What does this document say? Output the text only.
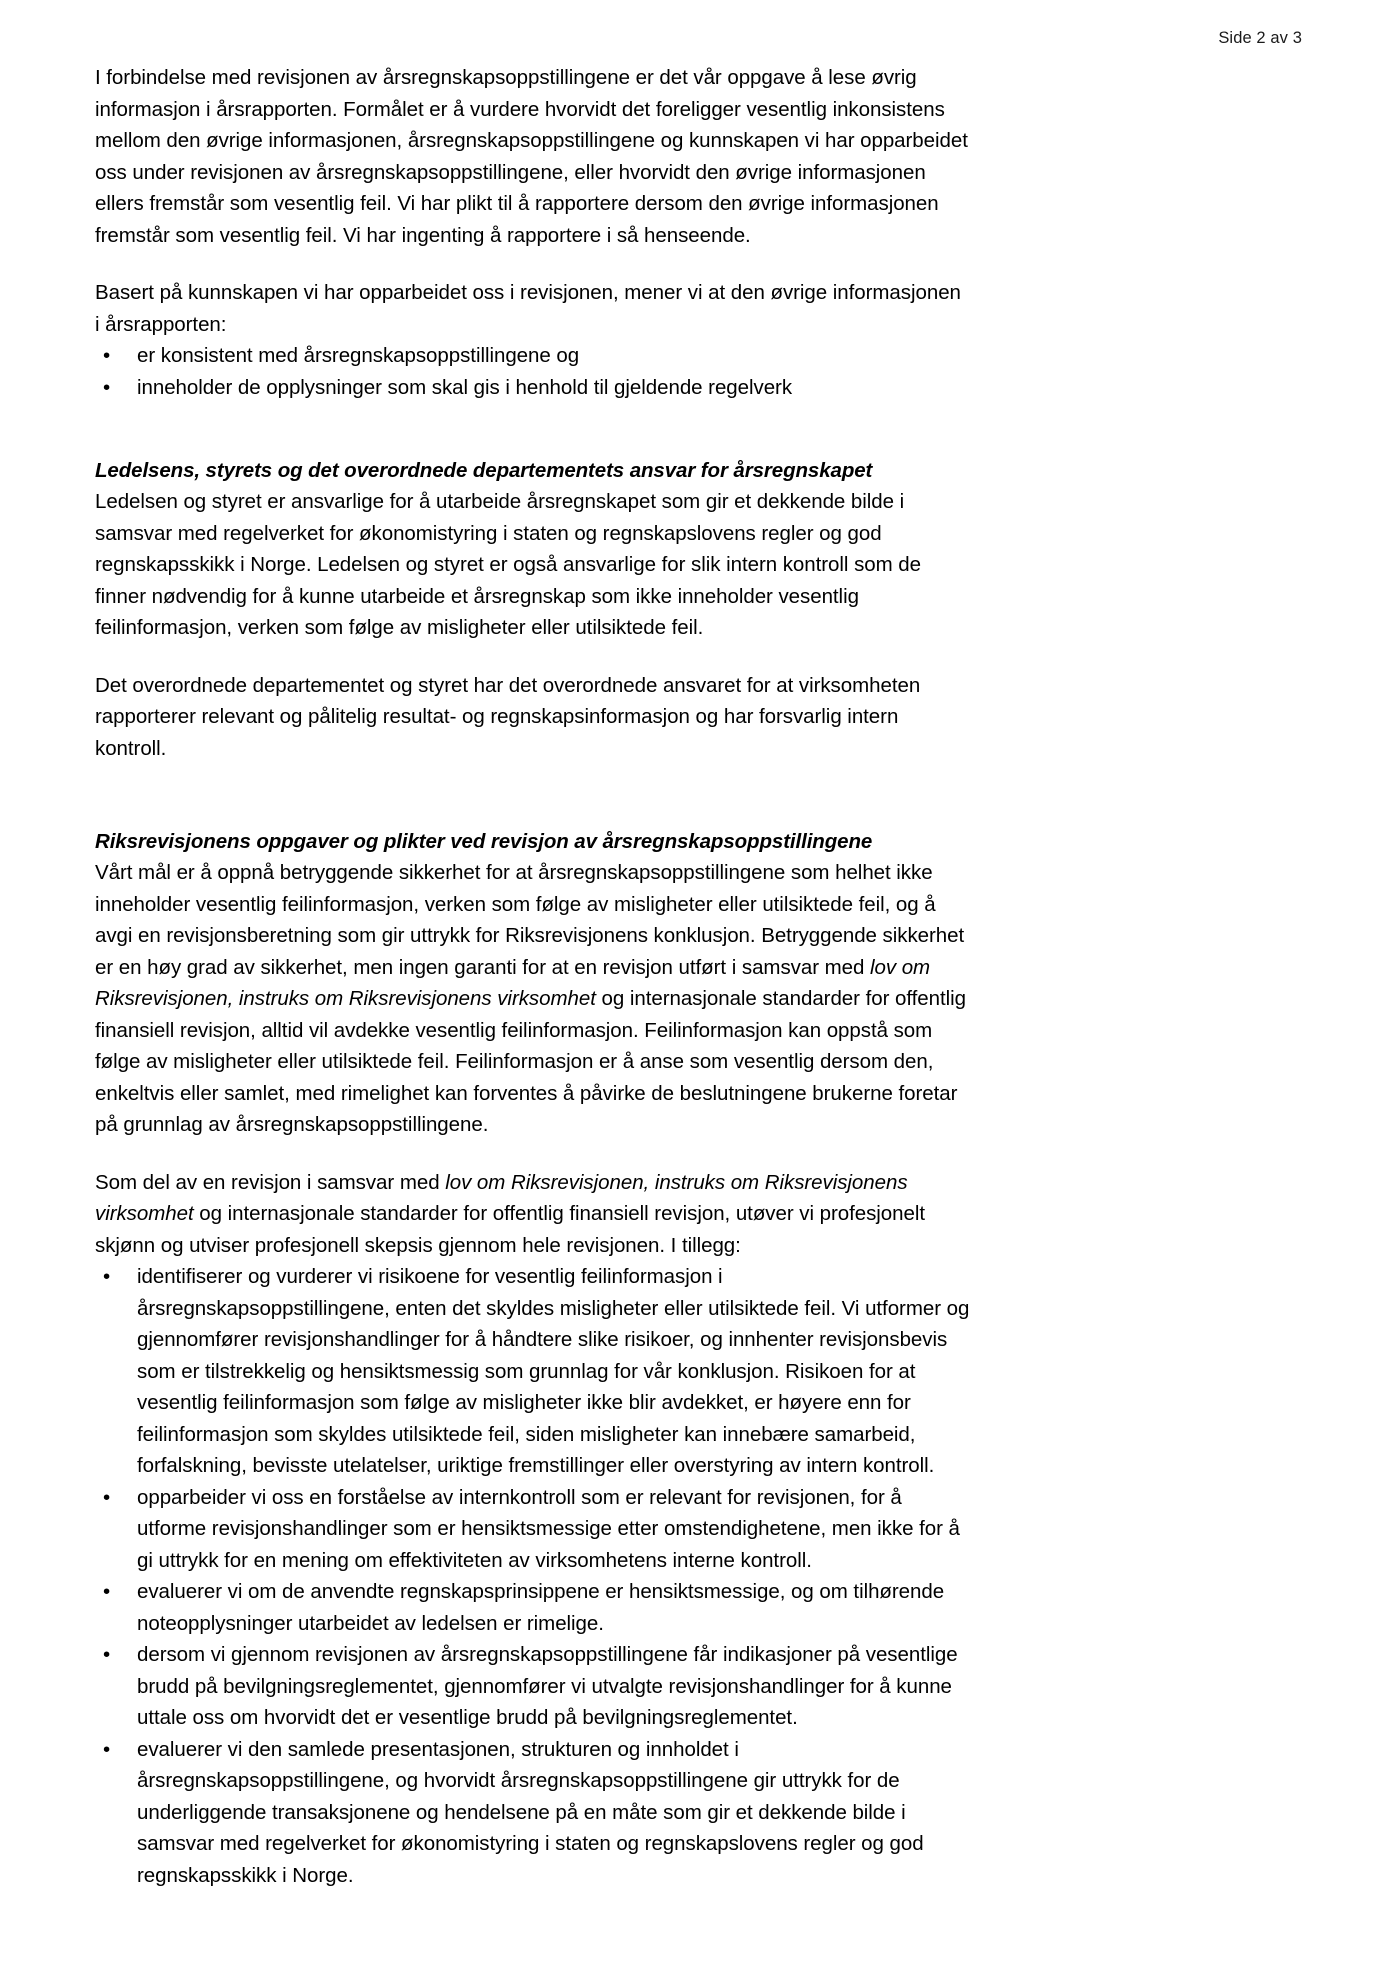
Side 2 av 3

I forbindelse med revisjonen av årsregnskapsoppstillingene er det vår oppgave å lese øvrig informasjon i årsrapporten. Formålet er å vurdere hvorvidt det foreligger vesentlig inkonsistens mellom den øvrige informasjonen, årsregnskapsoppstillingene og kunnskapen vi har opparbeidet oss under revisjonen av årsregnskapsoppstillingene, eller hvorvidt den øvrige informasjonen ellers fremstår som vesentlig feil. Vi har plikt til å rapportere dersom den øvrige informasjonen fremstår som vesentlig feil. Vi har ingenting å rapportere i så henseende.

Basert på kunnskapen vi har opparbeidet oss i revisjonen, mener vi at den øvrige informasjonen i årsrapporten:

• er konsistent med årsregnskapsoppstillingene og
• inneholder de opplysninger som skal gis i henhold til gjeldende regelverk
Ledelsens, styrets og det overordnede departementets ansvar for årsregnskapet

Ledelsen og styret er ansvarlige for å utarbeide årsregnskapet som gir et dekkende bilde i samsvar med regelverket for økonomistyring i staten og regnskapslovens regler og god regnskapsskikk i Norge. Ledelsen og styret er også ansvarlige for slik intern kontroll som de finner nødvendig for å kunne utarbeide et årsregnskap som ikke inneholder vesentlig feilinformasjon, verken som følge av misligheter eller utilsiktede feil.

Det overordnede departementet og styret har det overordnede ansvaret for at virksomheten rapporterer relevant og pålitelig resultat- og regnskapsinformasjon og har forsvarlig intern kontroll.

Riksrevisjonens oppgaver og plikter ved revisjon av årsregnskapsoppstillingene

Vårt mål er å oppnå betryggende sikkerhet for at årsregnskapsoppstillingene som helhet ikke inneholder vesentlig feilinformasjon, verken som følge av misligheter eller utilsiktede feil, og å avgi en revisjonsberetning som gir uttrykk for Riksrevisjonens konklusjon. Betryggende sikkerhet er en høy grad av sikkerhet, men ingen garanti for at en revisjon utført i samsvar med lov om Riksrevisjonen, instruks om Riksrevisjonens virksomhet og internasjonale standarder for offentlig finansiell revisjon, alltid vil avdekke vesentlig feilinformasjon. Feilinformasjon kan oppstå som følge av misligheter eller utilsiktede feil. Feilinformasjon er å anse som vesentlig dersom den, enkeltvis eller samlet, med rimelighet kan forventes å påvirke de beslutningene brukerne foretar på grunnlag av årsregnskapsoppstillingene.

Som del av en revisjon i samsvar med lov om Riksrevisjonen, instruks om Riksrevisjonens virksomhet og internasjonale standarder for offentlig finansiell revisjon, utøver vi profesjonelt skjønn og utviser profesjonell skepsis gjennom hele revisjonen. I tillegg:

• identifiserer og vurderer vi risikoene for vesentlig feilinformasjon i årsregnskapsoppstillingene, enten det skyldes misligheter eller utilsiktede feil. Vi utformer og gjennomfører revisjonshandlinger for å håndtere slike risikoer, og innhenter revisjonsbevis som er tilstrekkelig og hensiktsmessig som grunnlag for vår konklusjon. Risikoen for at vesentlig feilinformasjon som følge av misligheter ikke blir avdekket, er høyere enn for feilinformasjon som skyldes utilsiktede feil, siden misligheter kan innebære samarbeid, forfalskning, bevisste utelatelser, uriktige fremstillinger eller overstyring av intern kontroll.
• opparbeider vi oss en forståelse av internkontroll som er relevant for revisjonen, for å utforme revisjonshandlinger som er hensiktsmessige etter omstendighetene, men ikke for å gi uttrykk for en mening om effektiviteten av virksomhetens interne kontroll.
• evaluerer vi om de anvendte regnskapsprinsippene er hensiktsmessige, og om tilhørende noteopplysninger utarbeidet av ledelsen er rimelige.
• dersom vi gjennom revisjonen av årsregnskapsoppstillingene får indikasjoner på vesentlige brudd på bevilgningsreglementet, gjennomfører vi utvalgte revisjonshandlinger for å kunne uttale oss om hvorvidt det er vesentlige brudd på bevilgningsreglementet.
• evaluerer vi den samlede presentasjonen, strukturen og innholdet i årsregnskapsoppstillingene, og hvorvidt årsregnskapsoppstillingene gir uttrykk for de underliggende transaksjonene og hendelsene på en måte som gir et dekkende bilde i samsvar med regelverket for økonomistyring i staten og regnskapslovens regler og god regnskapsskikk i Norge.
